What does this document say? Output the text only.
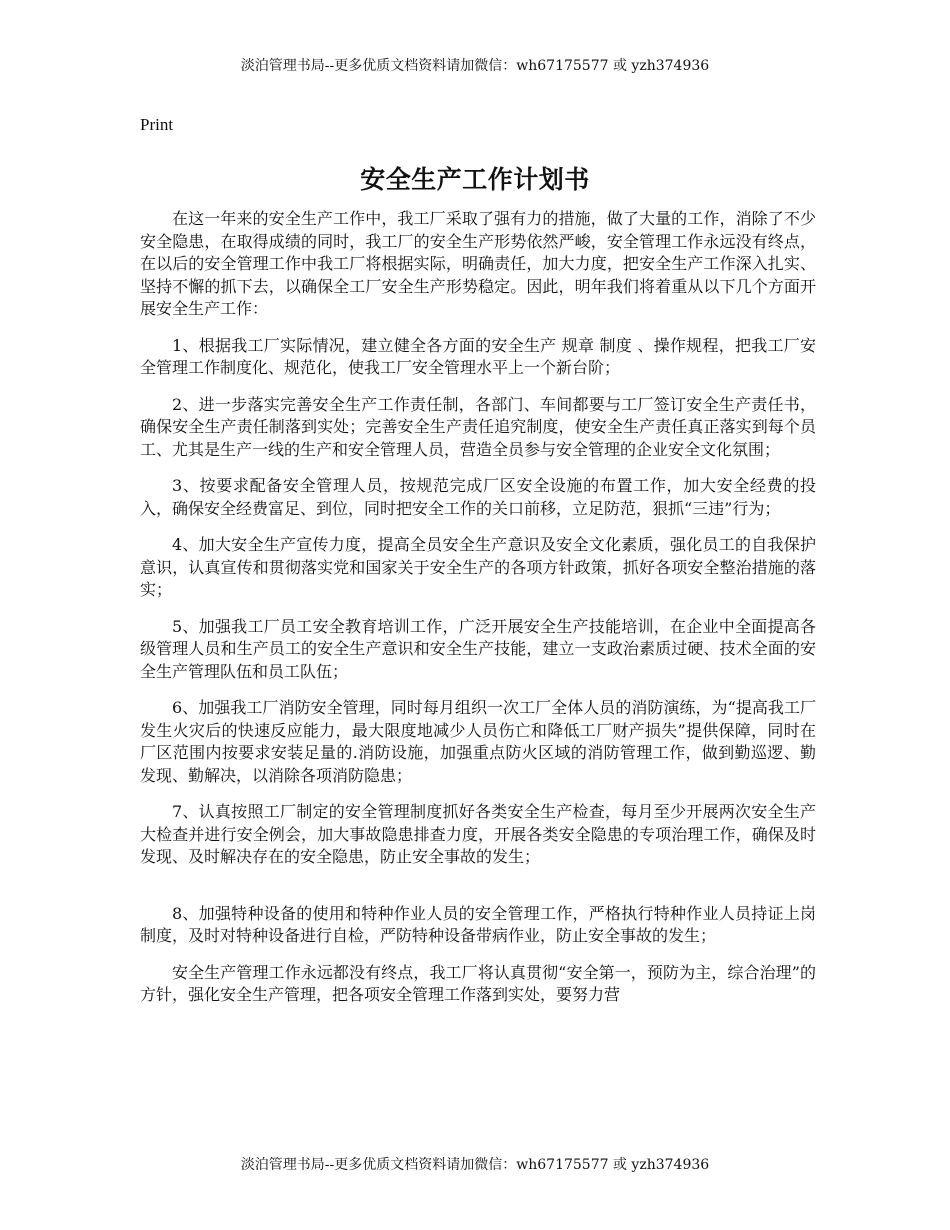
淡泊管理书局--更多优质文档资料请加微信：wh67175577 或 yzh374936
Print
安全生产工作计划书

在这一年来的安全生产工作中，我工厂采取了强有力的措施，做了大量的工作，消除了不少安全隐患，在取得成绩的同时，我工厂的安全生产形势依然严峻，安全管理工作永远没有终点，在以后的安全管理工作中我工厂将根据实际，明确责任，加大力度，把安全生产工作深入扎实、坚持不懈的抓下去，以确保全工厂安全生产形势稳定。因此，明年我们将着重从以下几个方面开展安全生产工作：

1、根据我工厂实际情况，建立健全各方面的安全生产 规章 制度 、操作规程，把我工厂安全管理工作制度化、规范化，使我工厂安全管理水平上一个新台阶；

2、进一步落实完善安全生产工作责任制，各部门、车间都要与工厂签订安全生产责任书，确保安全生产责任制落到实处；完善安全生产责任追究制度，使安全生产责任真正落实到每个员工、尤其是生产一线的生产和安全管理人员，营造全员参与安全管理的企业安全文化氛围；

3、按要求配备安全管理人员，按规范完成厂区安全设施的布置工作，加大安全经费的投入，确保安全经费富足、到位，同时把安全工作的关口前移，立足防范，狠抓“三违”行为；

4、加大安全生产宣传力度，提高全员安全生产意识及安全文化素质，强化员工的自我保护意识，认真宣传和贯彻落实党和国家关于安全生产的各项方针政策，抓好各项安全整治措施的落实；

5、加强我工厂员工安全教育培训工作，广泛开展安全生产技能培训，在企业中全面提高各级管理人员和生产员工的安全生产意识和安全生产技能，建立一支政治素质过硬、技术全面的安全生产管理队伍和员工队伍；

6、加强我工厂消防安全管理，同时每月组织一次工厂全体人员的消防演练，为“提高我工厂发生火灾后的快速反应能力，最大限度地减少人员伤亡和降低工厂财产损失”提供保障，同时在厂区范围内按要求安装足量的.消防设施，加强重点防火区域的消防管理工作，做到勤巡逻、勤发现、勤解决，以消除各项消防隐患；

7、认真按照工厂制定的安全管理制度抓好各类安全生产检查，每月至少开展两次安全生产大检查并进行安全例会，加大事故隐患排查力度，开展各类安全隐患的专项治理工作，确保及时发现、及时解决存在的安全隐患，防止安全事故的发生；

8、加强特种设备的使用和特种作业人员的安全管理工作，严格执行特种作业人员持证上岗制度，及时对特种设备进行自检，严防特种设备带病作业，防止安全事故的发生；

安全生产管理工作永远都没有终点，我工厂将认真贯彻“安全第一，预防为主，综合治理”的方针，强化安全生产管理，把各项安全管理工作落到实处，要努力营

淡泊管理书局--更多优质文档资料请加微信：wh67175577 或 yzh374936
